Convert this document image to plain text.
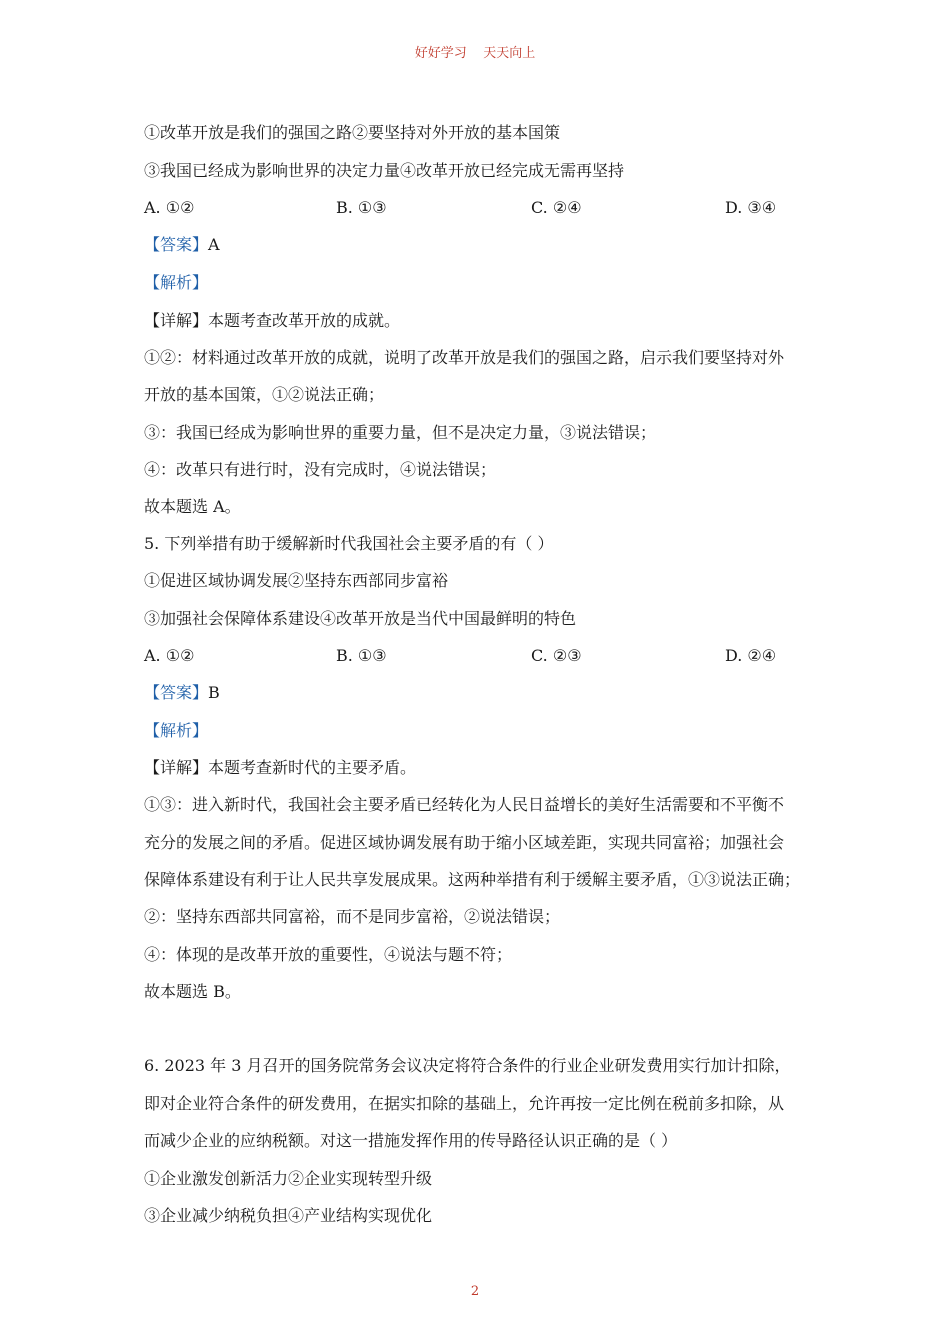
好好学习    天天向上
①改革开放是我们的强国之路②要坚持对外开放的基本国策
③我国已经成为影响世界的决定力量④改革开放已经完成无需再坚持
A. ①②	B. ①③	C. ②④	D. ③④
【答案】A
【解析】
【详解】本题考查改革开放的成就。
①②：材料通过改革开放的成就，说明了改革开放是我们的强国之路，启示我们要坚持对外
开放的基本国策，①②说法正确；
③：我国已经成为影响世界的重要力量，但不是决定力量，③说法错误；
④：改革只有进行时，没有完成时，④说法错误；
故本题选 A。
5. 下列举措有助于缓解新时代我国社会主要矛盾的有（ ）
①促进区域协调发展②坚持东西部同步富裕
③加强社会保障体系建设④改革开放是当代中国最鲜明的特色
A. ①②	B. ①③	C. ②③	D. ②④
【答案】B
【解析】
【详解】本题考查新时代的主要矛盾。
①③：进入新时代，我国社会主要矛盾已经转化为人民日益增长的美好生活需要和不平衡不
充分的发展之间的矛盾。促进区域协调发展有助于缩小区域差距，实现共同富裕；加强社会
保障体系建设有利于让人民共享发展成果。这两种举措有利于缓解主要矛盾，①③说法正确；
②：坚持东西部共同富裕，而不是同步富裕，②说法错误；
④：体现的是改革开放的重要性，④说法与题不符；
故本题选 B。
6. 2023 年 3 月召开的国务院常务会议决定将符合条件的行业企业研发费用实行加计扣除，
即对企业符合条件的研发费用，在据实扣除的基础上，允许再按一定比例在税前多扣除，从
而减少企业的应纳税额。对这一措施发挥作用的传导路径认识正确的是（ ）
①企业激发创新活力②企业实现转型升级
③企业减少纳税负担④产业结构实现优化
2
